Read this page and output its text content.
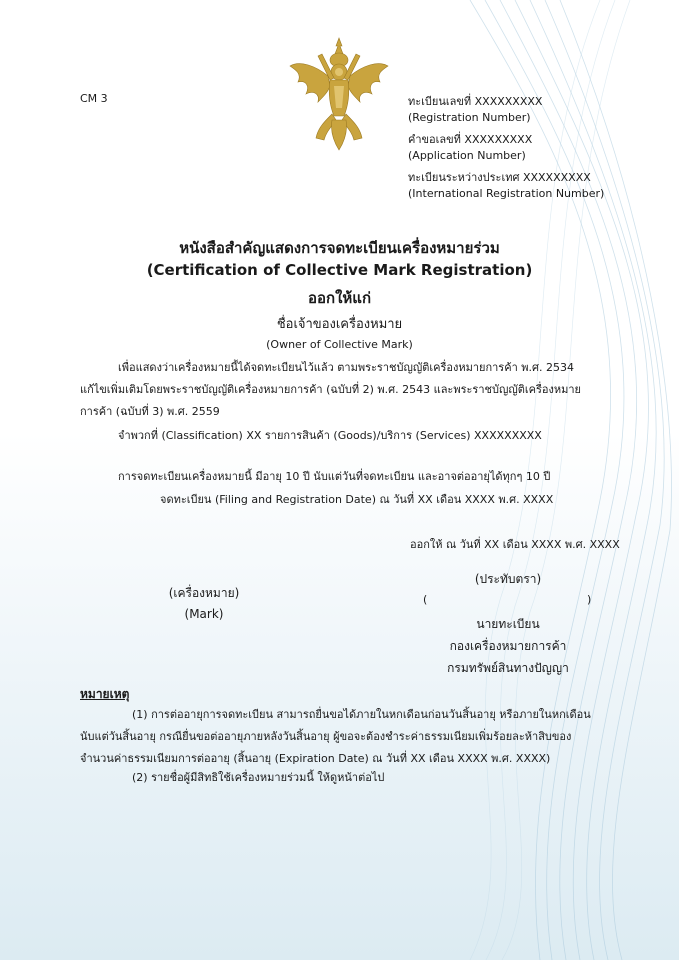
CM 3	ทะเบียนเลขที่ XXXXXXXXX
(Registration Number)
คำขอเลขที่ XXXXXXXXX
(Application Number)
ทะเบียนระหว่างประเทศ XXXXXXXXX
(International Registration Number)
หนังสือสำคัญแสดงการจดทะเบียนเครื่องหมายร่วม
(Certification of Collective Mark Registration)
ออกให้แก่
ชื่อเจ้าของเครื่องหมาย
(Owner of Collective Mark)
เพื่อแสดงว่าเครื่องหมายนี้ได้จดทะเบียนไว้แล้ว ตามพระราชบัญญัติเครื่องหมายการค้า พ.ศ. 2534
แก้ไขเพิ่มเติมโดยพระราชบัญญัติเครื่องหมายการค้า (ฉบับที่ 2) พ.ศ. 2543 และพระราชบัญญัติเครื่องหมาย
การค้า (ฉบับที่ 3) พ.ศ. 2559
จำพวกที่ (Classification) XX รายการสินค้า (Goods)/บริการ (Services) XXXXXXXXX
การจดทะเบียนเครื่องหมายนี้ มีอายุ 10 ปี นับแต่วันที่จดทะเบียน และอาจต่ออายุได้ทุกๆ 10 ปี
จดทะเบียน (Filing and Registration Date) ณ วันที่ XX เดือน XXXX พ.ศ. XXXX
ออกให้ ณ วันที่ XX เดือน XXXX พ.ศ. XXXX
(เครื่องหมาย)
(Mark)
(ประทับตรา)
(	)
นายทะเบียน
กองเครื่องหมายการค้า
กรมทรัพย์สินทางปัญญา
หมายเหตุ
(1) การต่ออายุการจดทะเบียน สามารถยื่นขอได้ภายในหกเดือนก่อนวันสิ้นอายุ หรือภายในหกเดือน
นับแต่วันสิ้นอายุ กรณียื่นขอต่ออายุภายหลังวันสิ้นอายุ ผู้ขอจะต้องชำระค่าธรรมเนียมเพิ่มร้อยละห้าสิบของ
จำนวนค่าธรรมเนียมการต่ออายุ (สิ้นอายุ (Expiration Date) ณ วันที่ XX เดือน XXXX พ.ศ. XXXX)
(2) รายชื่อผู้มีสิทธิใช้เครื่องหมายร่วมนี้ ให้ดูหน้าต่อไป
